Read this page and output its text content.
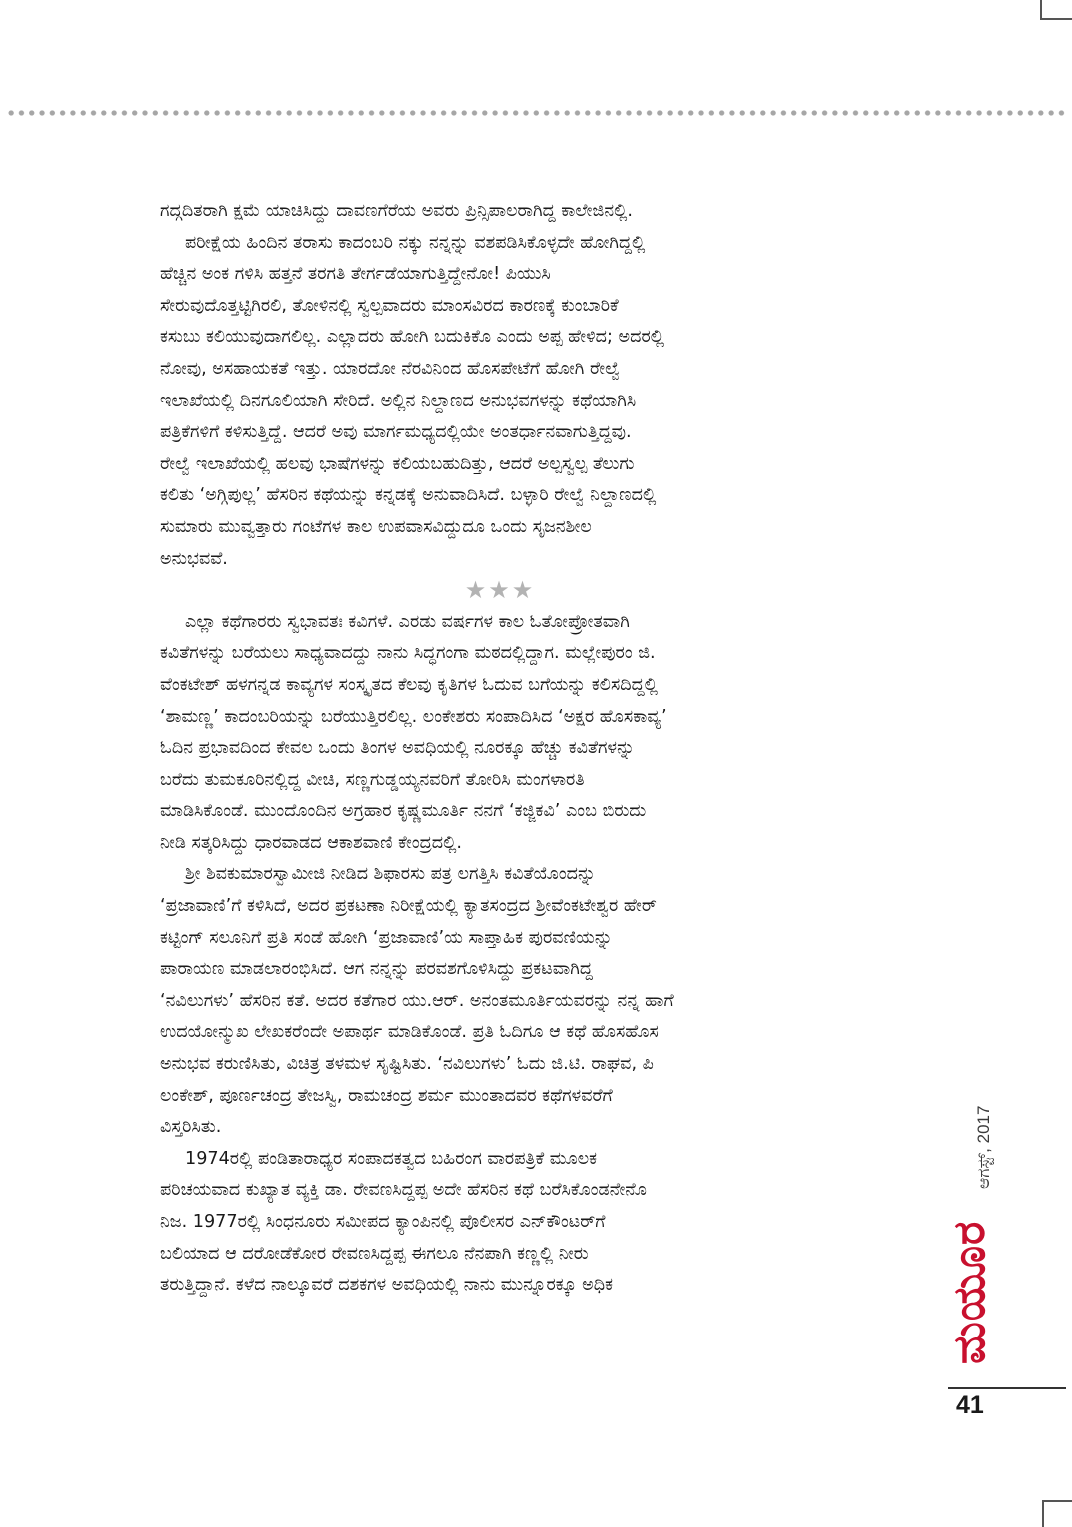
ಗದ್ಗದಿತರಾಗಿ ಕ್ಷಮೆ ಯಾಚಿಸಿದ್ದು ದಾವಣಗೆರೆಯ ಅವರು ಪ್ರಿನ್ಸಿಪಾಲರಾಗಿದ್ದ ಕಾಲೇಜಿನಲ್ಲಿ.
ಪರೀಕ್ಷೆಯ ಹಿಂದಿನ ತರಾಸು ಕಾದಂಬರಿ ನಕ್ಕು ನನ್ನನ್ನು ವಶಪಡಿಸಿಕೊಳ್ಳದೇ ಹೋಗಿದ್ದಲ್ಲಿ
ಹೆಚ್ಚಿನ ಅಂಕ ಗಳಿಸಿ ಹತ್ತನೆ ತರಗತಿ ತೇರ್ಗಡೆಯಾಗುತ್ತಿದ್ದೇನೋ! ಪಿಯುಸಿ
ಸೇರುವುದೊತ್ತಟ್ಟಿಗಿರಲಿ, ತೋಳಿನಲ್ಲಿ ಸ್ವಲ್ಪವಾದರು ಮಾಂಸವಿರದ ಕಾರಣಕ್ಕೆ ಕುಂಬಾರಿಕೆ
ಕಸುಬು ಕಲಿಯುವುದಾಗಲಿಲ್ಲ. ಎಲ್ಲಾದರು ಹೋಗಿ ಬದುಕಿಕೊ ಎಂದು ಅಪ್ಪ ಹೇಳಿದ; ಅದರಲ್ಲಿ
ನೋವು, ಅಸಹಾಯಕತೆ ಇತ್ತು. ಯಾರದೋ ನೆರವಿನಿಂದ ಹೊಸಪೇಟೆಗೆ ಹೋಗಿ ರೇಲ್ವೆ
ಇಲಾಖೆಯಲ್ಲಿ ದಿನಗೂಲಿಯಾಗಿ ಸೇರಿದೆ. ಅಲ್ಲಿನ ನಿಲ್ದಾಣದ ಅನುಭವಗಳನ್ನು ಕಥೆಯಾಗಿಸಿ
ಪತ್ರಿಕೆಗಳಿಗೆ ಕಳಿಸುತ್ತಿದ್ದೆ. ಆದರೆ ಅವು ಮಾರ್ಗಮಧ್ಯದಲ್ಲಿಯೇ ಅಂತರ್ಧಾನವಾಗುತ್ತಿದ್ದವು.
ರೇಲ್ವೆ ಇಲಾಖೆಯಲ್ಲಿ ಹಲವು ಭಾಷೆಗಳನ್ನು ಕಲಿಯಬಹುದಿತ್ತು, ಆದರೆ ಅಲ್ಪಸ್ವಲ್ಪ ತೆಲುಗು
ಕಲಿತು ‘ಅಗ್ಗಿಪುಲ್ಲ’ ಹೆಸರಿನ ಕಥೆಯನ್ನು ಕನ್ನಡಕ್ಕೆ ಅನುವಾದಿಸಿದೆ. ಬಳ್ಳಾರಿ ರೇಲ್ವೆ ನಿಲ್ದಾಣದಲ್ಲಿ
ಸುಮಾರು ಮುವ್ವತ್ತಾರು ಗಂಟೆಗಳ ಕಾಲ ಉಪವಾಸವಿದ್ದುದೂ ಒಂದು ಸೃಜನಶೀಲ
ಅನುಭವವೆ.
★★★
ಎಲ್ಲಾ ಕಥೆಗಾರರು ಸ್ವಭಾವತಃ ಕವಿಗಳೆ. ಎರಡು ವರ್ಷಗಳ ಕಾಲ ಓತೋಪ್ರೋತವಾಗಿ
ಕವಿತೆಗಳನ್ನು ಬರೆಯಲು ಸಾಧ್ಯವಾದದ್ದು ನಾನು ಸಿದ್ಧಗಂಗಾ ಮಠದಲ್ಲಿದ್ದಾಗ. ಮಲ್ಲೇಪುರಂ ಜಿ.
ವೆಂಕಟೇಶ್ ಹಳಗನ್ನಡ ಕಾವ್ಯಗಳ ಸಂಸ್ಕೃತದ ಕೆಲವು ಕೃತಿಗಳ ಓದುವ ಬಗೆಯನ್ನು ಕಲಿಸದಿದ್ದಲ್ಲಿ
‘ಶಾಮಣ್ಣ’ ಕಾದಂಬರಿಯನ್ನು ಬರೆಯುತ್ತಿರಲಿಲ್ಲ. ಲಂಕೇಶರು ಸಂಪಾದಿಸಿದ ‘ಅಕ್ಷರ ಹೊಸಕಾವ್ಯ’
ಓದಿನ ಪ್ರಭಾವದಿಂದ ಕೇವಲ ಒಂದು ತಿಂಗಳ ಅವಧಿಯಲ್ಲಿ ನೂರಕ್ಕೂ ಹೆಚ್ಚು ಕವಿತೆಗಳನ್ನು
ಬರೆದು ತುಮಕೂರಿನಲ್ಲಿದ್ದ ವೀಚಿ, ಸಣ್ಣಗುಡ್ಡಯ್ಯನವರಿಗೆ ತೋರಿಸಿ ಮಂಗಳಾರತಿ
ಮಾಡಿಸಿಕೊಂಡೆ. ಮುಂದೊಂದಿನ ಅಗ್ರಹಾರ ಕೃಷ್ಣಮೂರ್ತಿ ನನಗೆ ‘ಕಜ್ಜಿಕವಿ’ ಎಂಬ ಬಿರುದು
ನೀಡಿ ಸತ್ಕರಿಸಿದ್ದು ಧಾರವಾಡದ ಆಕಾಶವಾಣಿ ಕೇಂದ್ರದಲ್ಲಿ.
ಶ್ರೀ ಶಿವಕುಮಾರಸ್ವಾಮೀಜಿ ನೀಡಿದ ಶಿಫಾರಸು ಪತ್ರ ಲಗತ್ತಿಸಿ ಕವಿತೆಯೊಂದನ್ನು
‘ಪ್ರಜಾವಾಣಿ’ಗೆ ಕಳಿಸಿದೆ, ಅದರ ಪ್ರಕಟಣಾ ನಿರೀಕ್ಷೆಯಲ್ಲಿ ಕ್ಯಾತಸಂದ್ರದ ಶ್ರೀವೆಂಕಟೇಶ್ವರ ಹೇರ್
ಕಟ್ಟಿಂಗ್ ಸಲೂನಿಗೆ ಪ್ರತಿ ಸಂಡೆ ಹೋಗಿ ‘ಪ್ರಜಾವಾಣಿ’ಯ ಸಾಪ್ತಾಹಿಕ ಪುರವಣಿಯನ್ನು
ಪಾರಾಯಣ ಮಾಡಲಾರಂಭಿಸಿದೆ. ಆಗ ನನ್ನನ್ನು ಪರವಶಗೊಳಿಸಿದ್ದು ಪ್ರಕಟವಾಗಿದ್ದ
‘ನವಿಲುಗಳು’ ಹೆಸರಿನ ಕತೆ. ಅದರ ಕತೆಗಾರ ಯು.ಆರ್. ಅನಂತಮೂರ್ತಿಯವರನ್ನು ನನ್ನ ಹಾಗೆ
ಉದಯೋನ್ಮುಖ ಲೇಖಕರೆಂದೇ ಅಪಾರ್ಥ ಮಾಡಿಕೊಂಡೆ. ಪ್ರತಿ ಓದಿಗೂ ಆ ಕಥೆ ಹೊಸಹೊಸ
ಅನುಭವ ಕರುಣಿಸಿತು, ವಿಚಿತ್ರ ತಳಮಳ ಸೃಷ್ಟಿಸಿತು. ‘ನವಿಲುಗಳು’ ಓದು ಜಿ.ಟಿ. ರಾಘವ, ಪಿ
ಲಂಕೇಶ್, ಪೂರ್ಣಚಂದ್ರ ತೇಜಸ್ವಿ, ರಾಮಚಂದ್ರ ಶರ್ಮ ಮುಂತಾದವರ ಕಥೆಗಳವರೆಗೆ
ವಿಸ್ತರಿಸಿತು.
1974ರಲ್ಲಿ ಪಂಡಿತಾರಾಧ್ಯರ ಸಂಪಾದಕತ್ವದ ಬಹಿರಂಗ ವಾರಪತ್ರಿಕೆ ಮೂಲಕ
ಪರಿಚಯವಾದ ಕುಖ್ಯಾತ ವ್ಯಕ್ತಿ ಡಾ. ರೇವಣಸಿದ್ದಪ್ಪ ಅದೇ ಹೆಸರಿನ ಕಥೆ ಬರೆಸಿಕೊಂಡನೇನೊ
ನಿಜ. 1977ರಲ್ಲಿ ಸಿಂಧನೂರು ಸಮೀಪದ ಕ್ಯಾಂಪಿನಲ್ಲಿ ಪೊಲೀಸರ ಎನ್‌ಕೌಂಟರ್‌ಗೆ
ಬಲಿಯಾದ ಆ ದರೋಡೆಕೋರ ರೇವಣಸಿದ್ದಪ್ಪ ಈಗಲೂ ನೆನಪಾಗಿ ಕಣ್ಣಲ್ಲಿ ನೀರು
ತರುತ್ತಿದ್ದಾನೆ. ಕಳೆದ ನಾಲ್ಕೂವರೆ ದಶಕಗಳ ಅವಧಿಯಲ್ಲಿ ನಾನು ಮುನ್ನೂರಕ್ಕೂ ಅಧಿಕ
ಆಗಸ್ಟ್, 2017
ಮಯೂರ
41
